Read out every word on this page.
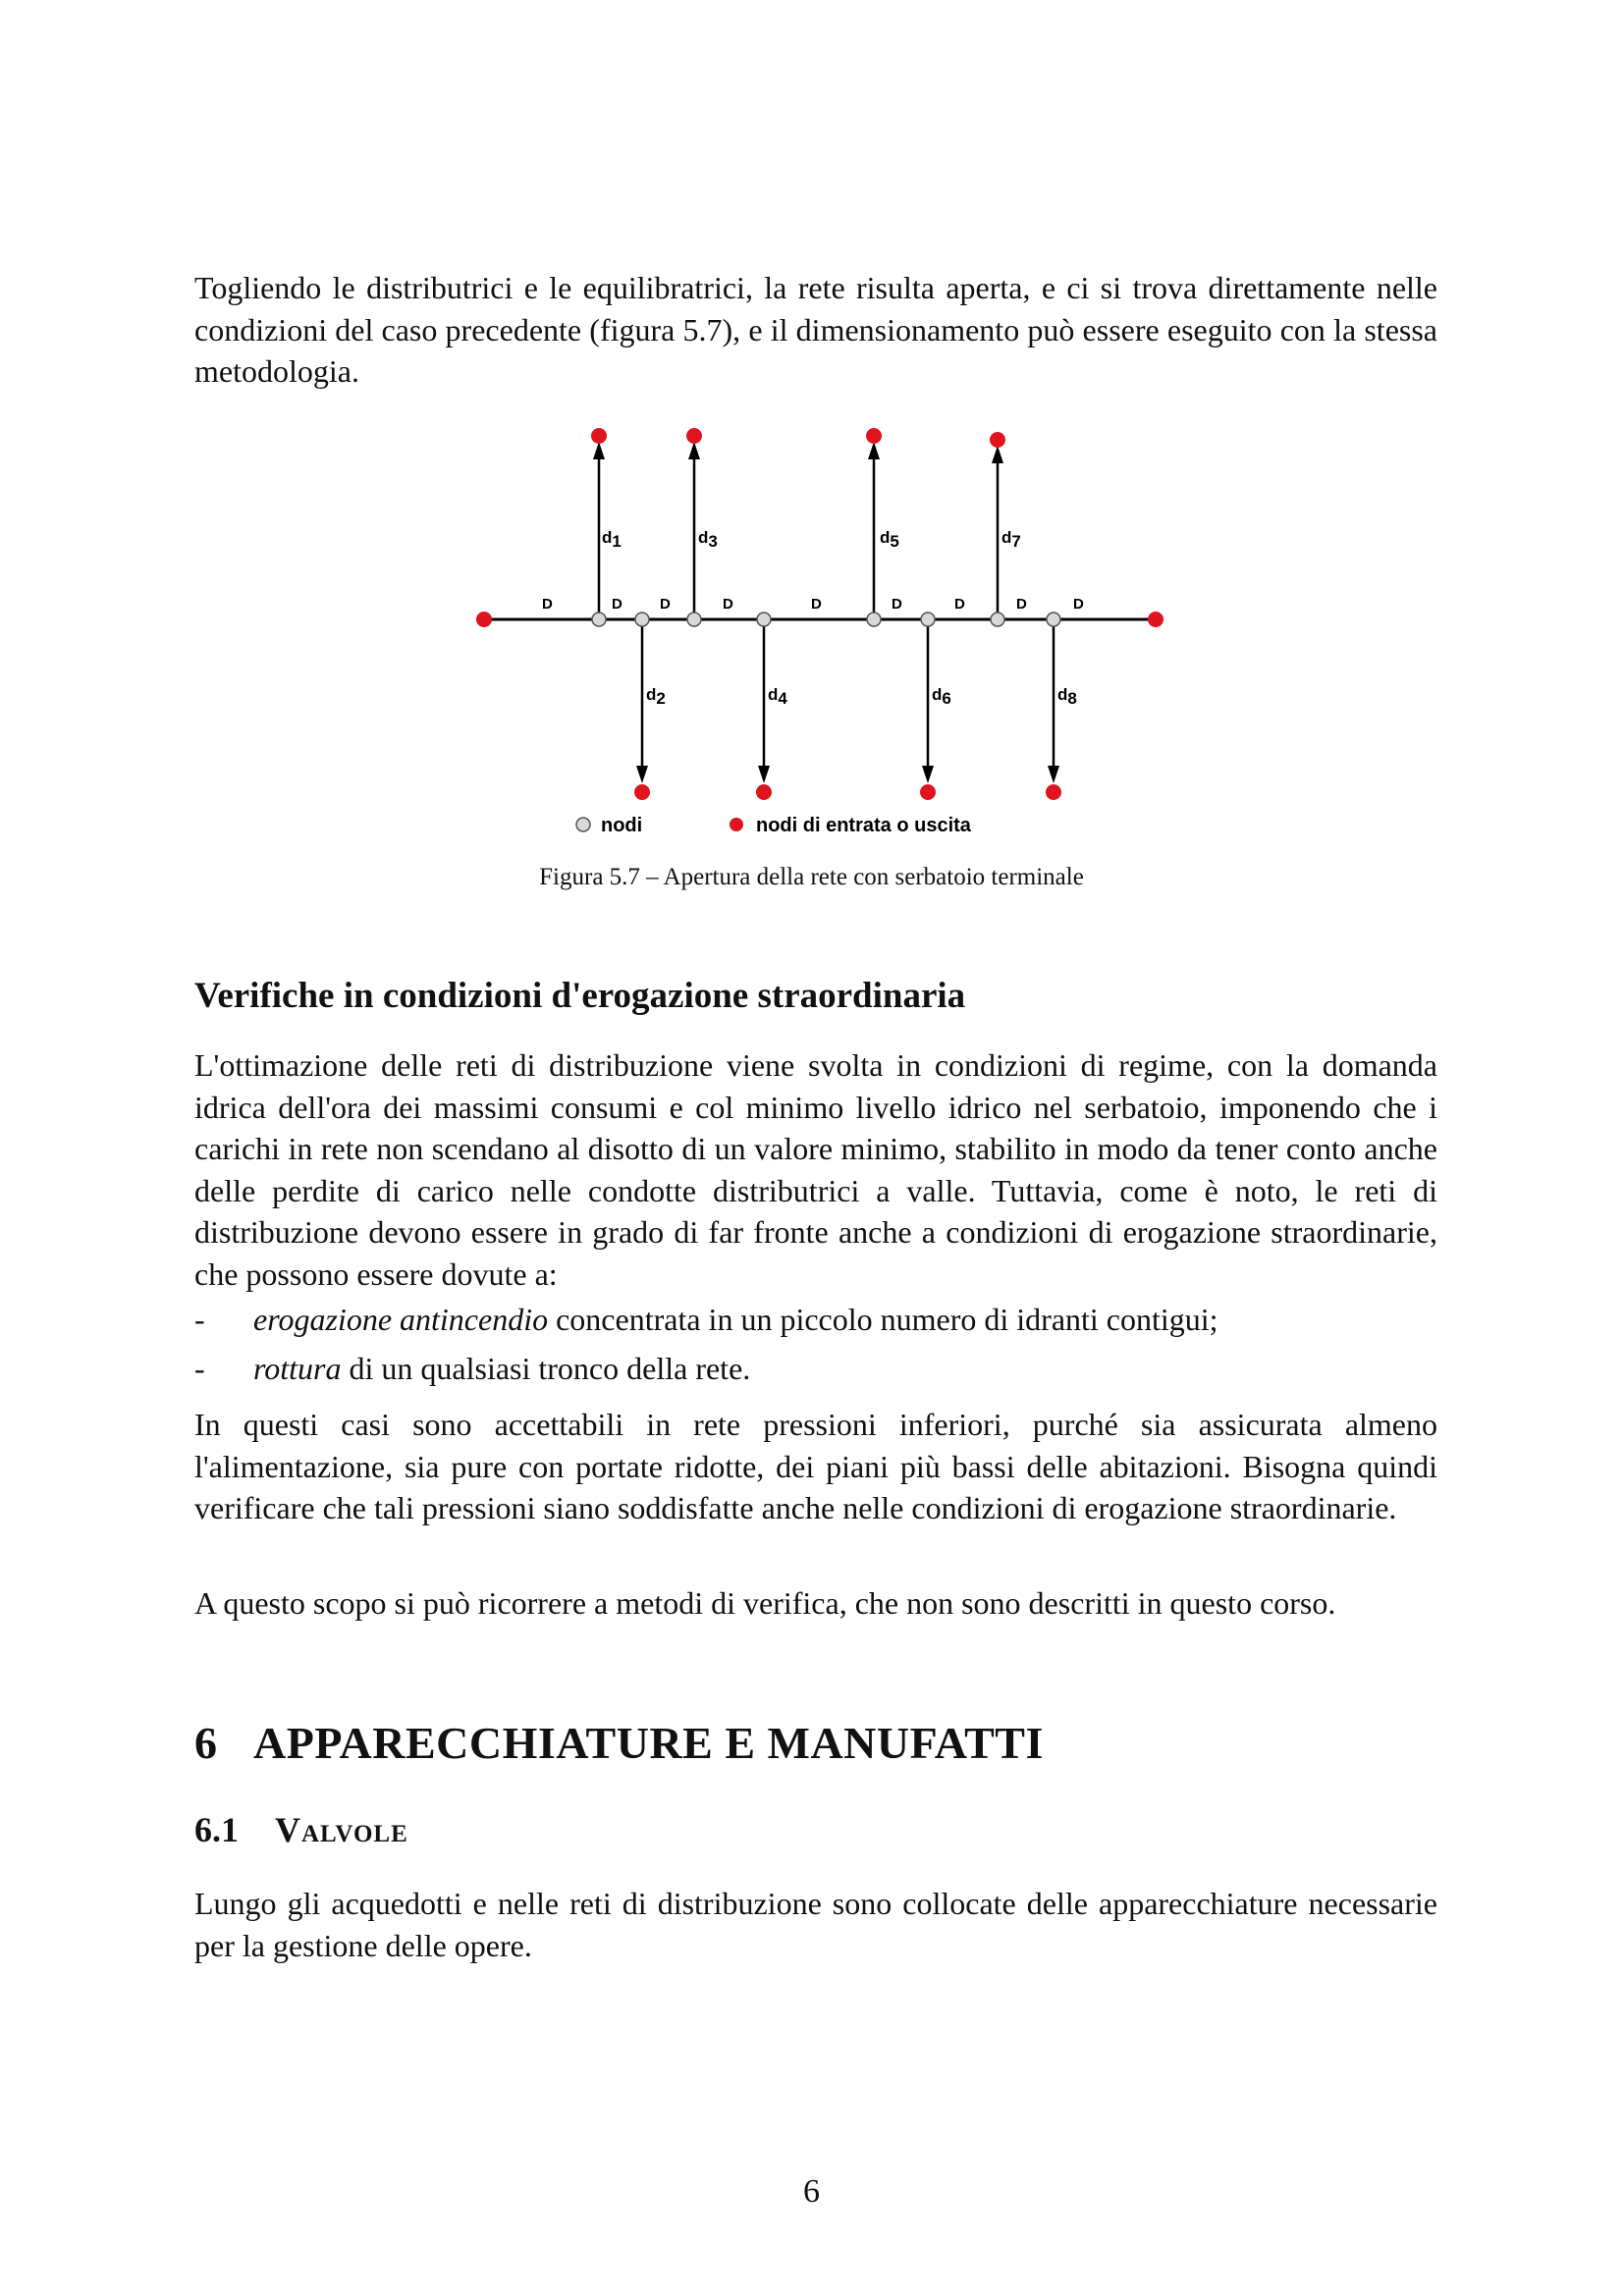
Togliendo le distributrici e le equilibratrici, la rete risulta aperta, e ci si trova direttamente nelle condizioni del caso precedente (figura 5.7), e il dimensionamento può essere eseguito con la stessa metodologia.

D	D	D	D	D	D	D	D	D
d1	d3	d5	d7
d2	d4	d6	d8
nodi	nodi di entrata o uscita
Figura 5.7 – Apertura della rete con serbatoio terminale
Verifiche in condizioni d'erogazione straordinaria

L'ottimazione delle reti di distribuzione viene svolta in condizioni di regime, con la domanda idrica dell'ora dei massimi consumi e col minimo livello idrico nel serbatoio, imponendo che i carichi in rete non scendano al disotto di un valore minimo, stabilito in modo da tener conto anche delle perdite di carico nelle condotte distributrici a valle. Tuttavia, come è noto, le reti di distribuzione devono essere in grado di far fronte anche a condizioni di erogazione straordinarie, che possono essere dovute a:

- erogazione antincendio concentrata in un piccolo numero di idranti contigui;
- rottura di un qualsiasi tronco della rete.

In questi casi sono accettabili in rete pressioni inferiori, purché sia assicurata almeno l'alimentazione, sia pure con portate ridotte, dei piani più bassi delle abitazioni. Bisogna quindi verificare che tali pressioni siano soddisfatte anche nelle condizioni di erogazione straordinarie.

A questo scopo si può ricorrere a metodi di verifica, che non sono descritti in questo corso.

6 APPARECCHIATURE E MANUFATTI
6.1 Valvole

Lungo gli acquedotti e nelle reti di distribuzione sono collocate delle apparecchiature necessarie per la gestione delle opere.

6
